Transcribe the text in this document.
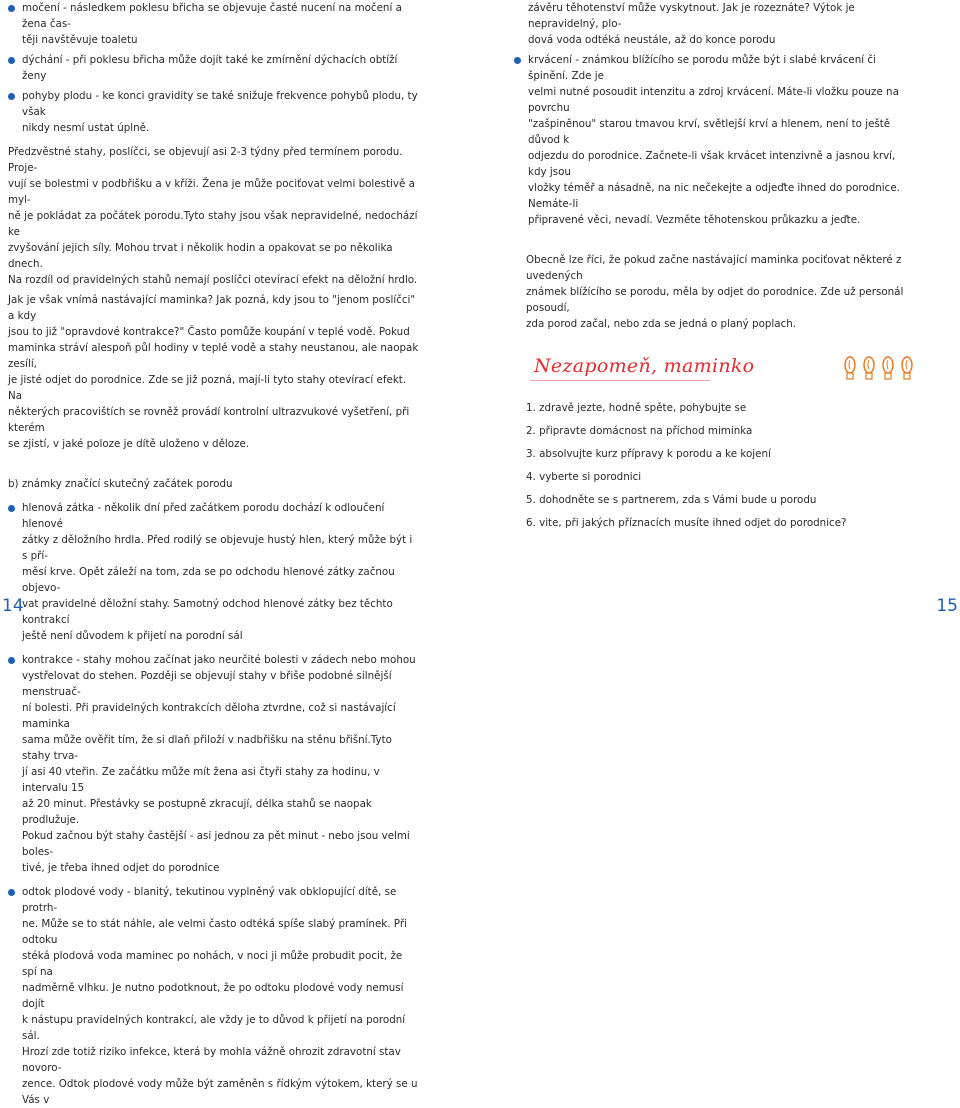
močení - následkem poklesu břicha se objevuje časté nucení na močení a žena čas-

těji navštěvuje toaletu

dýchání - při poklesu břicha může dojít také ke zmírnění dýchacích obtíží ženy

pohyby plodu - ke konci gravidity se také snižuje frekvence pohybů plodu, ty však

nikdy nesmí ustat úplně.

Předzvěstné stahy, poslíčci, se objevují asi 2-3 týdny před termínem porodu. Proje-

vují se bolestmi v podbřišku a v kříži. Žena je může pociťovat velmi bolestivě a myl-

ně je pokládat za počátek porodu.Tyto stahy jsou však nepravidelné, nedochází ke

zvyšování jejich síly. Mohou trvat i několik hodin a opakovat se po několika dnech.

Na rozdíl od pravidelných stahů nemají poslíčci otevírací efekt na děložní hrdlo.

Jak je však vnímá nastávající maminka? Jak pozná, kdy jsou to "jenom poslíčci" a kdy

jsou to již "opravdové kontrakce?" Často pomůže koupání v teplé vodě. Pokud

maminka stráví alespoň půl hodiny v teplé vodě a stahy neustanou, ale naopak zesílí,

je jisté odjet do porodnice. Zde se již pozná, mají-li tyto stahy otevírací efekt. Na

některých pracovištích se rovněž provádí kontrolní ultrazvukové vyšetření, při kterém

se zjistí, v jaké poloze je dítě uloženo v děloze.

b) známky značící skutečný začátek porodu

hlenová zátka - několik dní před začátkem porodu dochází k odloučení hlenové

zátky z děložního hrdla. Před rodilý se objevuje hustý hlen, který může být i s pří-

měsí krve. Opět záleží na tom, zda se po odchodu hlenové zátky začnou objevo-

vat pravidelné děložní stahy. Samotný odchod hlenové zátky bez těchto kontrakcí

ještě není důvodem k přijetí na porodní sál

kontrakce - stahy mohou začínat jako neurčité bolesti v zádech nebo mohou

vystřelovat do stehen. Později se objevují stahy v břiše podobné silnější menstruač-

ní bolesti. Při pravidelných kontrakcích děloha ztvrdne, což si nastávající maminka

sama může ověřit tím, že si dlaň přiloží v nadbřišku na stěnu břišní.Tyto stahy trva-

jí asi 40 vteřin. Ze začátku může mít žena asi čtyři stahy za hodinu, v intervalu 15

až 20 minut. Přestávky se postupně zkracují, délka stahů se naopak prodlužuje.

Pokud začnou být stahy častější - asi jednou za pět minut - nebo jsou velmi boles-

tivé, je třeba ihned odjet do porodnice

odtok plodové vody - blanitý, tekutinou vyplněný vak obklopující dítě, se protrh-

ne. Může se to stát náhle, ale velmi často odtéká spíše slabý pramínek. Při odtoku

stéká plodová voda maminec po nohách, v noci ji může probudit pocit, že spí na

nadměrně vlhku. Je nutno podotknout, že po odtoku plodové vody nemusí dojít

k nástupu pravidelných kontrakcí, ale vždy je to důvod k přijetí na porodní sál.

Hrozí zde totiž riziko infekce, která by mohla vážně ohrozit zdravotní stav novoro-

zence. Odtok plodové vody může být zaměněn s řídkým výtokem, který se u Vás v

závěru těhotenství může vyskytnout. Jak je rozeznáte? Výtok je nepravidelný, plo-

dová voda odtéká neustále, až do konce porodu

krvácení - známkou blížícího se porodu může být i slabé krvácení či špinění. Zde je

velmi nutné posoudit intenzitu a zdroj krvácení. Máte-li vložku pouze na povrchu

"zašpiněnou" starou tmavou krví, světlejší krví a hlenem, není to ještě důvod k

odjezdu do porodnice. Začnete-li však krvácet intenzivně a jasnou krví, kdy jsou

vložky téměř a násadně, na nic nečekejte a odjeďte ihned do porodnice. Nemáte-li

připravené věci, nevadí. Vezměte těhotenskou průkazku a jeďte.

Obecně lze říci, že pokud začne nastávající maminka pociťovat některé z uvedených

známek blížícího se porodu, měla by odjet do porodnice. Zde už personál posoudí,

zda porod začal, nebo zda se jedná o planý poplach.

Nezapomeň, maminko
1. zdravě jezte, hodně spěte, pohybujte se
2. připravte domácnost na příchod miminka
3. absolvujte kurz přípravy k porodu a ke kojení
4. vyberte si porodnici
5. dohodněte se s partnerem, zda s Vámi bude u porodu
6. vite, při jakých příznacích musíte ihned odjet do porodnice?
14	15
